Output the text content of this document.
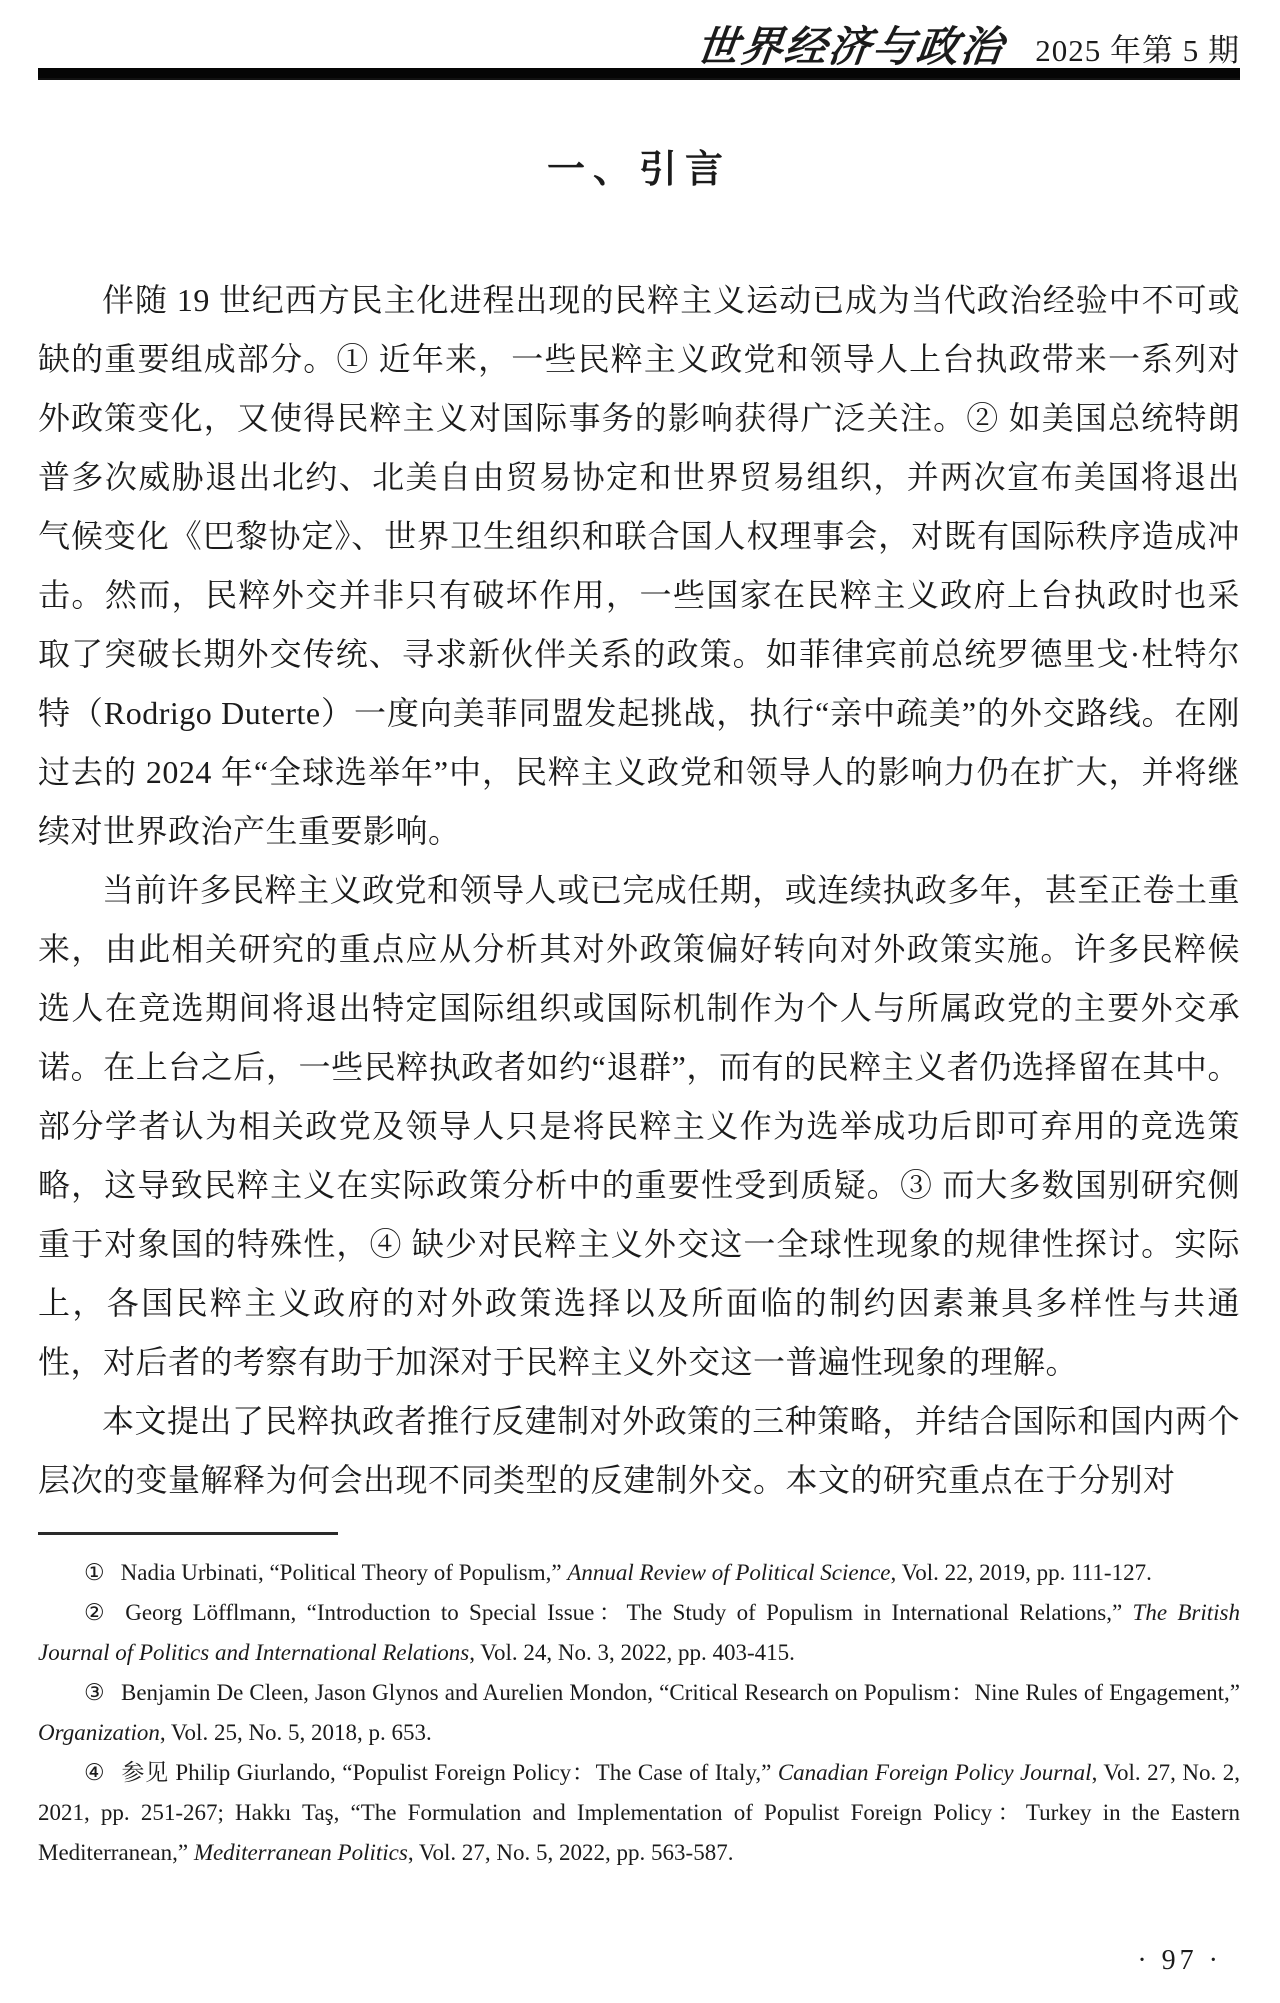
世界经济与政治 2025 年第 5 期
一、引言

伴随 19 世纪西方民主化进程出现的民粹主义运动已成为当代政治经验中不可或缺的重要组成部分。① 近年来，一些民粹主义政党和领导人上台执政带来一系列对外政策变化，又使得民粹主义对国际事务的影响获得广泛关注。② 如美国总统特朗普多次威胁退出北约、北美自由贸易协定和世界贸易组织，并两次宣布美国将退出气候变化《巴黎协定》、世界卫生组织和联合国人权理事会，对既有国际秩序造成冲击。然而，民粹外交并非只有破坏作用，一些国家在民粹主义政府上台执政时也采取了突破长期外交传统、寻求新伙伴关系的政策。如菲律宾前总统罗德里戈·杜特尔特（Rodrigo Duterte）一度向美菲同盟发起挑战，执行“亲中疏美”的外交路线。在刚过去的 2024 年“全球选举年”中，民粹主义政党和领导人的影响力仍在扩大，并将继续对世界政治产生重要影响。

当前许多民粹主义政党和领导人或已完成任期，或连续执政多年，甚至正卷土重来，由此相关研究的重点应从分析其对外政策偏好转向对外政策实施。许多民粹候选人在竞选期间将退出特定国际组织或国际机制作为个人与所属政党的主要外交承诺。在上台之后，一些民粹执政者如约“退群”，而有的民粹主义者仍选择留在其中。部分学者认为相关政党及领导人只是将民粹主义作为选举成功后即可弃用的竞选策略，这导致民粹主义在实际政策分析中的重要性受到质疑。③ 而大多数国别研究侧重于对象国的特殊性，④ 缺少对民粹主义外交这一全球性现象的规律性探讨。实际上，各国民粹主义政府的对外政策选择以及所面临的制约因素兼具多样性与共通性，对后者的考察有助于加深对于民粹主义外交这一普遍性现象的理解。

本文提出了民粹执政者推行反建制对外政策的三种策略，并结合国际和国内两个层次的变量解释为何会出现不同类型的反建制外交。本文的研究重点在于分别对

① Nadia Urbinati, “Political Theory of Populism,” Annual Review of Political Science, Vol. 22, 2019, pp. 111-127.

② Georg Löfflmann, “Introduction to Special Issue：The Study of Populism in International Relations,” The British Journal of Politics and International Relations, Vol. 24, No. 3, 2022, pp. 403-415.

③ Benjamin De Cleen, Jason Glynos and Aurelien Mondon, “Critical Research on Populism：Nine Rules of Engagement,” Organization, Vol. 25, No. 5, 2018, p. 653.

④ 参见 Philip Giurlando, “Populist Foreign Policy：The Case of Italy,” Canadian Foreign Policy Journal, Vol. 27, No. 2, 2021, pp. 251-267; Hakkı Taş, “The Formulation and Implementation of Populist Foreign Policy：Turkey in the Eastern Mediterranean,” Mediterranean Politics, Vol. 27, No. 5, 2022, pp. 563-587.

· 97 ·
